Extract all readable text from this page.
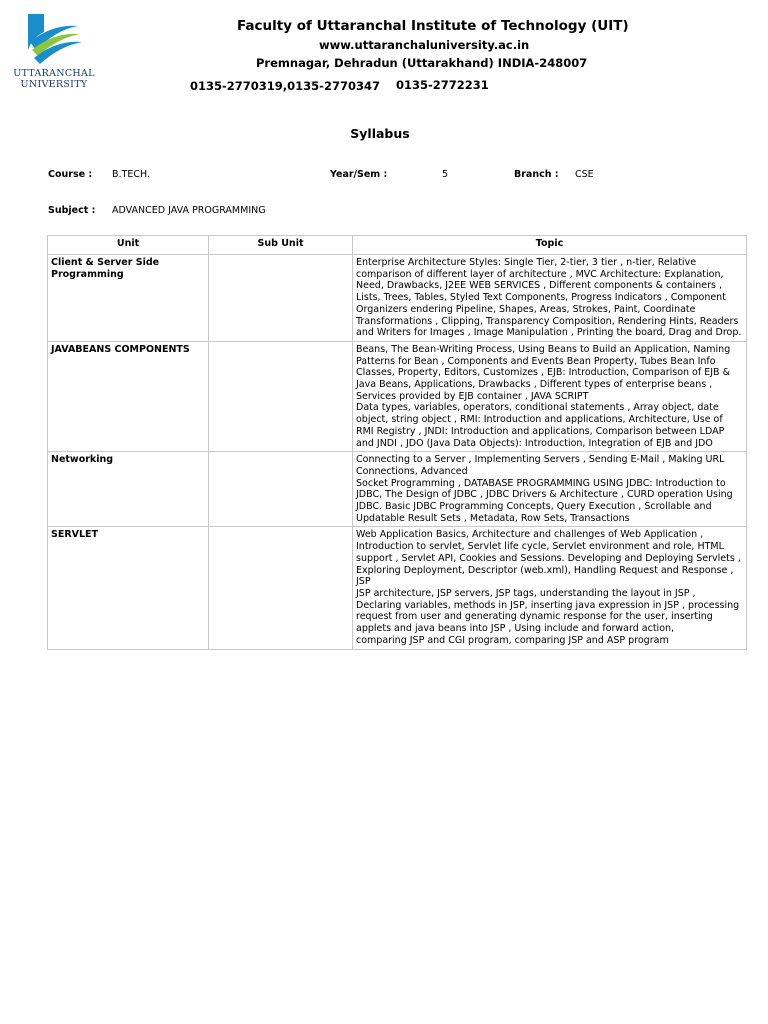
UTTARANCHAL
UNIVERSITY
Faculty of Uttaranchal Institute of Technology (UIT)
www.uttaranchaluniversity.ac.in
Premnagar, Dehradun (Uttarakhand) INDIA-248007
0135-2770319,0135-2770347 0135-2772231
Syllabus
Course : B.TECH.	Year/Sem :	5	Branch : CSE
Subject : ADVANCED JAVA PROGRAMMING
Unit	Sub Unit	Topic
Client & Server Side Programming		Enterprise Architecture Styles: Single Tier, 2-tier, 3 tier , n-tier, Relative comparison of different layer of architecture , MVC Architecture: Explanation, Need, Drawbacks, J2EE WEB SERVICES , Different components & containers , Lists, Trees, Tables, Styled Text Components, Progress Indicators , Component Organizers endering Pipeline, Shapes, Areas, Strokes, Paint, Coordinate Transformations , Clipping, Transparency Composition, Rendering Hints, Readers and Writers for Images , Image Manipulation , Printing the board, Drag and Drop.
JAVABEANS COMPONENTS		Beans, The Bean-Writing Process, Using Beans to Build an Application, Naming Patterns for Bean , Components and Events Bean Property, Tubes Bean Info Classes, Property, Editors, Customizes , EJB: Introduction, Comparison of EJB & Java Beans, Applications, Drawbacks , Different types of enterprise beans , Services provided by EJB container , JAVA SCRIPT
Data types, variables, operators, conditional statements , Array object, date object, string object , RMI: Introduction and applications, Architecture, Use of RMI Registry , JNDI: Introduction and applications, Comparison between LDAP and JNDI , JDO (Java Data Objects): Introduction, Integration of EJB and JDO
Networking		Connecting to a Server , Implementing Servers , Sending E-Mail , Making URL Connections, Advanced
Socket Programming , DATABASE PROGRAMMING USING JDBC: Introduction to JDBC, The Design of JDBC , JDBC Drivers & Architecture , CURD operation Using JDBC. Basic JDBC Programming Concepts, Query Execution , Scrollable and Updatable Result Sets , Metadata, Row Sets, Transactions
SERVLET		Web Application Basics, Architecture and challenges of Web Application , Introduction to servlet, Servlet life cycle, Servlet environment and role, HTML support , Servlet API, Cookies and Sessions. Developing and Deploying Servlets , Exploring Deployment, Descriptor (web.xml), Handling Request and Response , JSP
JSP architecture, JSP servers, JSP tags, understanding the layout in JSP , Declaring variables, methods in JSP, inserting java expression in JSP , processing request from user and generating dynamic response for the user, inserting applets and java beans into JSP , Using include and forward action,
comparing JSP and CGI program, comparing JSP and ASP program
